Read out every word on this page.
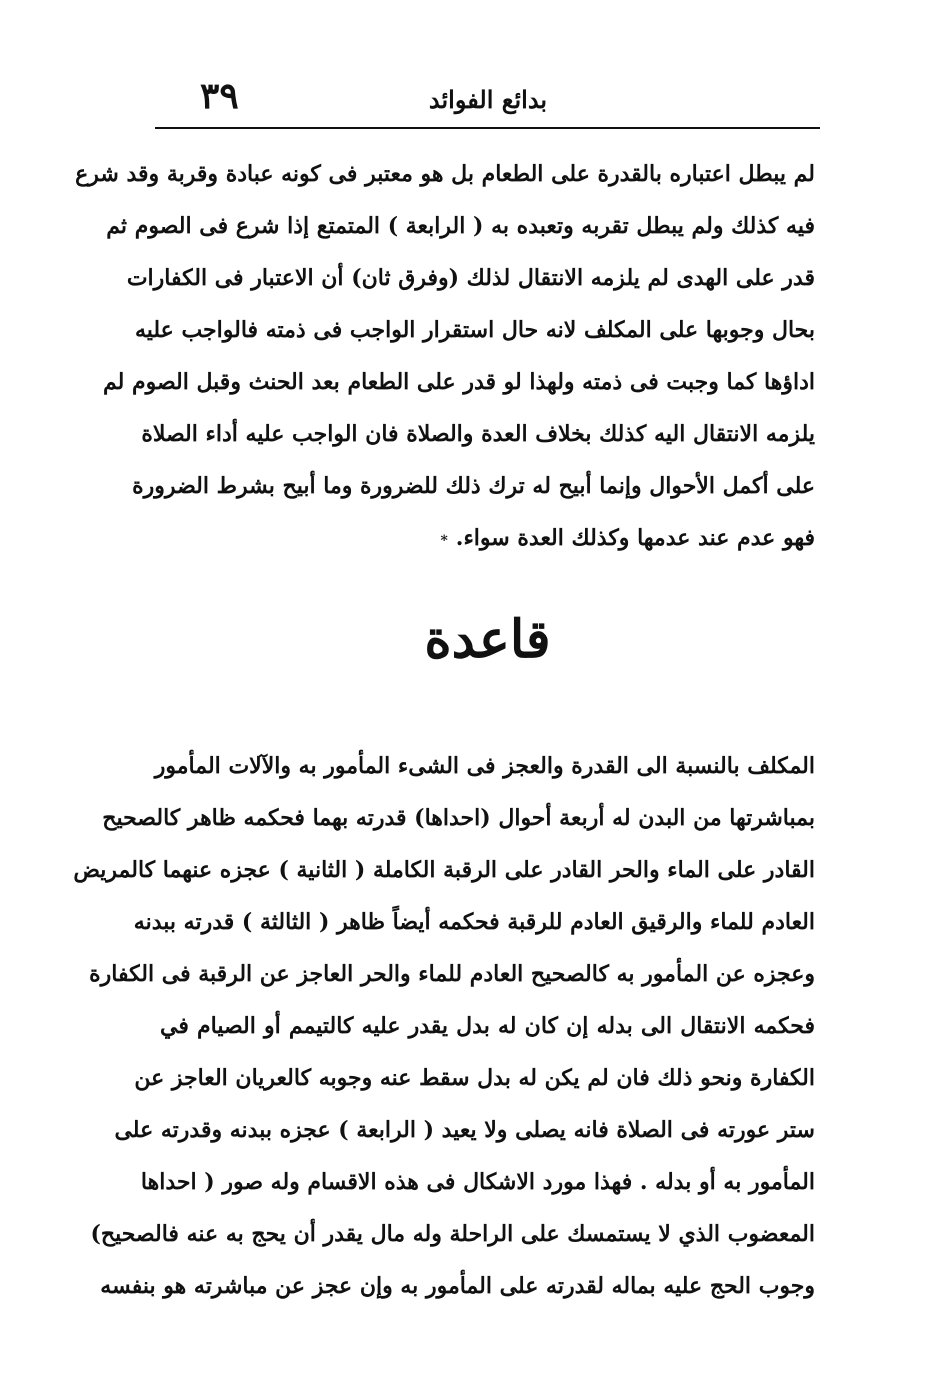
بدائع الفوائد
٣٩
لم يبطل اعتباره بالقدرة على الطعام بل هو معتبر فى كونه عبادة وقربة وقد شرع
فيه كذلك ولم يبطل تقربه وتعبده به ( الرابعة ) المتمتع إذا شرع فى الصوم ثم
قدر على الهدى لم يلزمه الانتقال لذلك (وفرق ثان) أن الاعتبار فى الكفارات
بحال وجوبها على المكلف لانه حال استقرار الواجب فى ذمته فالواجب عليه
اداؤها كما وجبت فى ذمته ولهذا لو قدر على الطعام بعد الحنث وقبل الصوم لم
يلزمه الانتقال اليه كذلك بخلاف العدة والصلاة فان الواجب عليه أداء الصلاة
على أكمل الأحوال وإنما أبيح له ترك ذلك للضرورة وما أبيح بشرط الضرورة
فهو عدم عند عدمها وكذلك العدة سواء.*
قاعدة
المكلف بالنسبة الى القدرة والعجز فى الشىء المأمور به والآلات المأمور
بمباشرتها من البدن له أربعة أحوال (احداها) قدرته بهما فحكمه ظاهر كالصحيح
القادر على الماء والحر القادر على الرقبة الكاملة ( الثانية ) عجزه عنهما كالمريض
العادم للماء والرقيق العادم للرقبة فحكمه أيضاً ظاهر ( الثالثة ) قدرته ببدنه
وعجزه عن المأمور به كالصحيح العادم للماء والحر العاجز عن الرقبة فى الكفارة
فحكمه الانتقال الى بدله إن كان له بدل يقدر عليه كالتيمم أو الصيام في
الكفارة ونحو ذلك فان لم يكن له بدل سقط عنه وجوبه كالعريان العاجز عن
ستر عورته فى الصلاة فانه يصلى ولا يعيد ( الرابعة ) عجزه ببدنه وقدرته على
المأمور به أو بدله . فهذا مورد الاشكال فى هذه الاقسام وله صور ( احداها
المعضوب الذي لا يستمسك على الراحلة وله مال يقدر أن يحج به عنه فالصحيح)
وجوب الحج عليه بماله لقدرته على المأمور به وإن عجز عن مباشرته هو بنفسه
